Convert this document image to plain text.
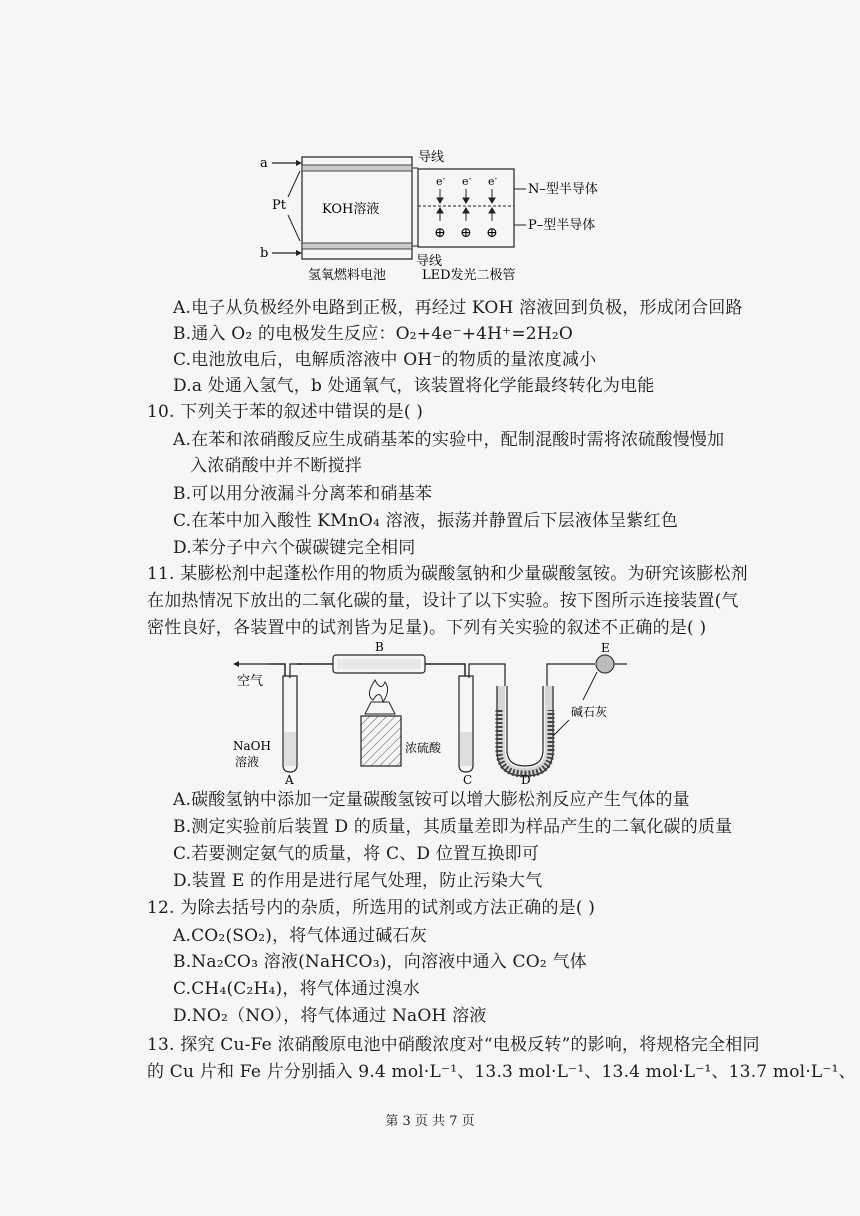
a
b
Pt	KOH溶液
导线
导线
e- e- e-
⊕ ⊕ ⊕
N–型半导体
P–型半导体
氢氧燃料电池	LED发光二极管
A.电子从负极经外电路到正极，再经过 KOH 溶液回到负极，形成闭合回路
B.通入 O₂ 的电极发生反应：O₂+4e⁻+4H⁺=2H₂O
C.电池放电后，电解质溶液中 OH⁻的物质的量浓度减小
D.a 处通入氢气，b 处通氧气，该装置将化学能最终转化为电能
10. 下列关于苯的叙述中错误的是( )
A.在苯和浓硝酸反应生成硝基苯的实验中，配制混酸时需将浓硫酸慢慢加
入浓硝酸中并不断搅拌
B.可以用分液漏斗分离苯和硝基苯
C.在苯中加入酸性 KMnO₄ 溶液，振荡并静置后下层液体呈紫红色
D.苯分子中六个碳碳键完全相同
11. 某膨松剂中起蓬松作用的物质为碳酸氢钠和少量碳酸氢铵。为研究该膨松剂
在加热情况下放出的二氧化碳的量，设计了以下实验。按下图所示连接装置(气
密性良好，各装置中的试剂皆为足量)。下列有关实验的叙述不正确的是( )
空气
NaOH
溶液
A
B
浓硫酸
C	D
E
碱石灰
A.碳酸氢钠中添加一定量碳酸氢铵可以增大膨松剂反应产生气体的量
B.测定实验前后装置 D 的质量，其质量差即为样品产生的二氧化碳的质量
C.若要测定氨气的质量，将 C、D 位置互换即可
D.装置 E 的作用是进行尾气处理，防止污染大气
12. 为除去括号内的杂质，所选用的试剂或方法正确的是( )
A.CO₂(SO₂)，将气体通过碱石灰
B.Na₂CO₃ 溶液(NaHCO₃)，向溶液中通入 CO₂ 气体
C.CH₄(C₂H₄)，将气体通过溴水
D.NO₂（NO），将气体通过 NaOH 溶液
13. 探究 Cu-Fe 浓硝酸原电池中硝酸浓度对“电极反转”的影响，将规格完全相同
的 Cu 片和 Fe 片分别插入 9.4 mol·L⁻¹、13.3 mol·L⁻¹、13.4 mol·L⁻¹、13.7 mol·L⁻¹、
第 3 页 共 7 页
